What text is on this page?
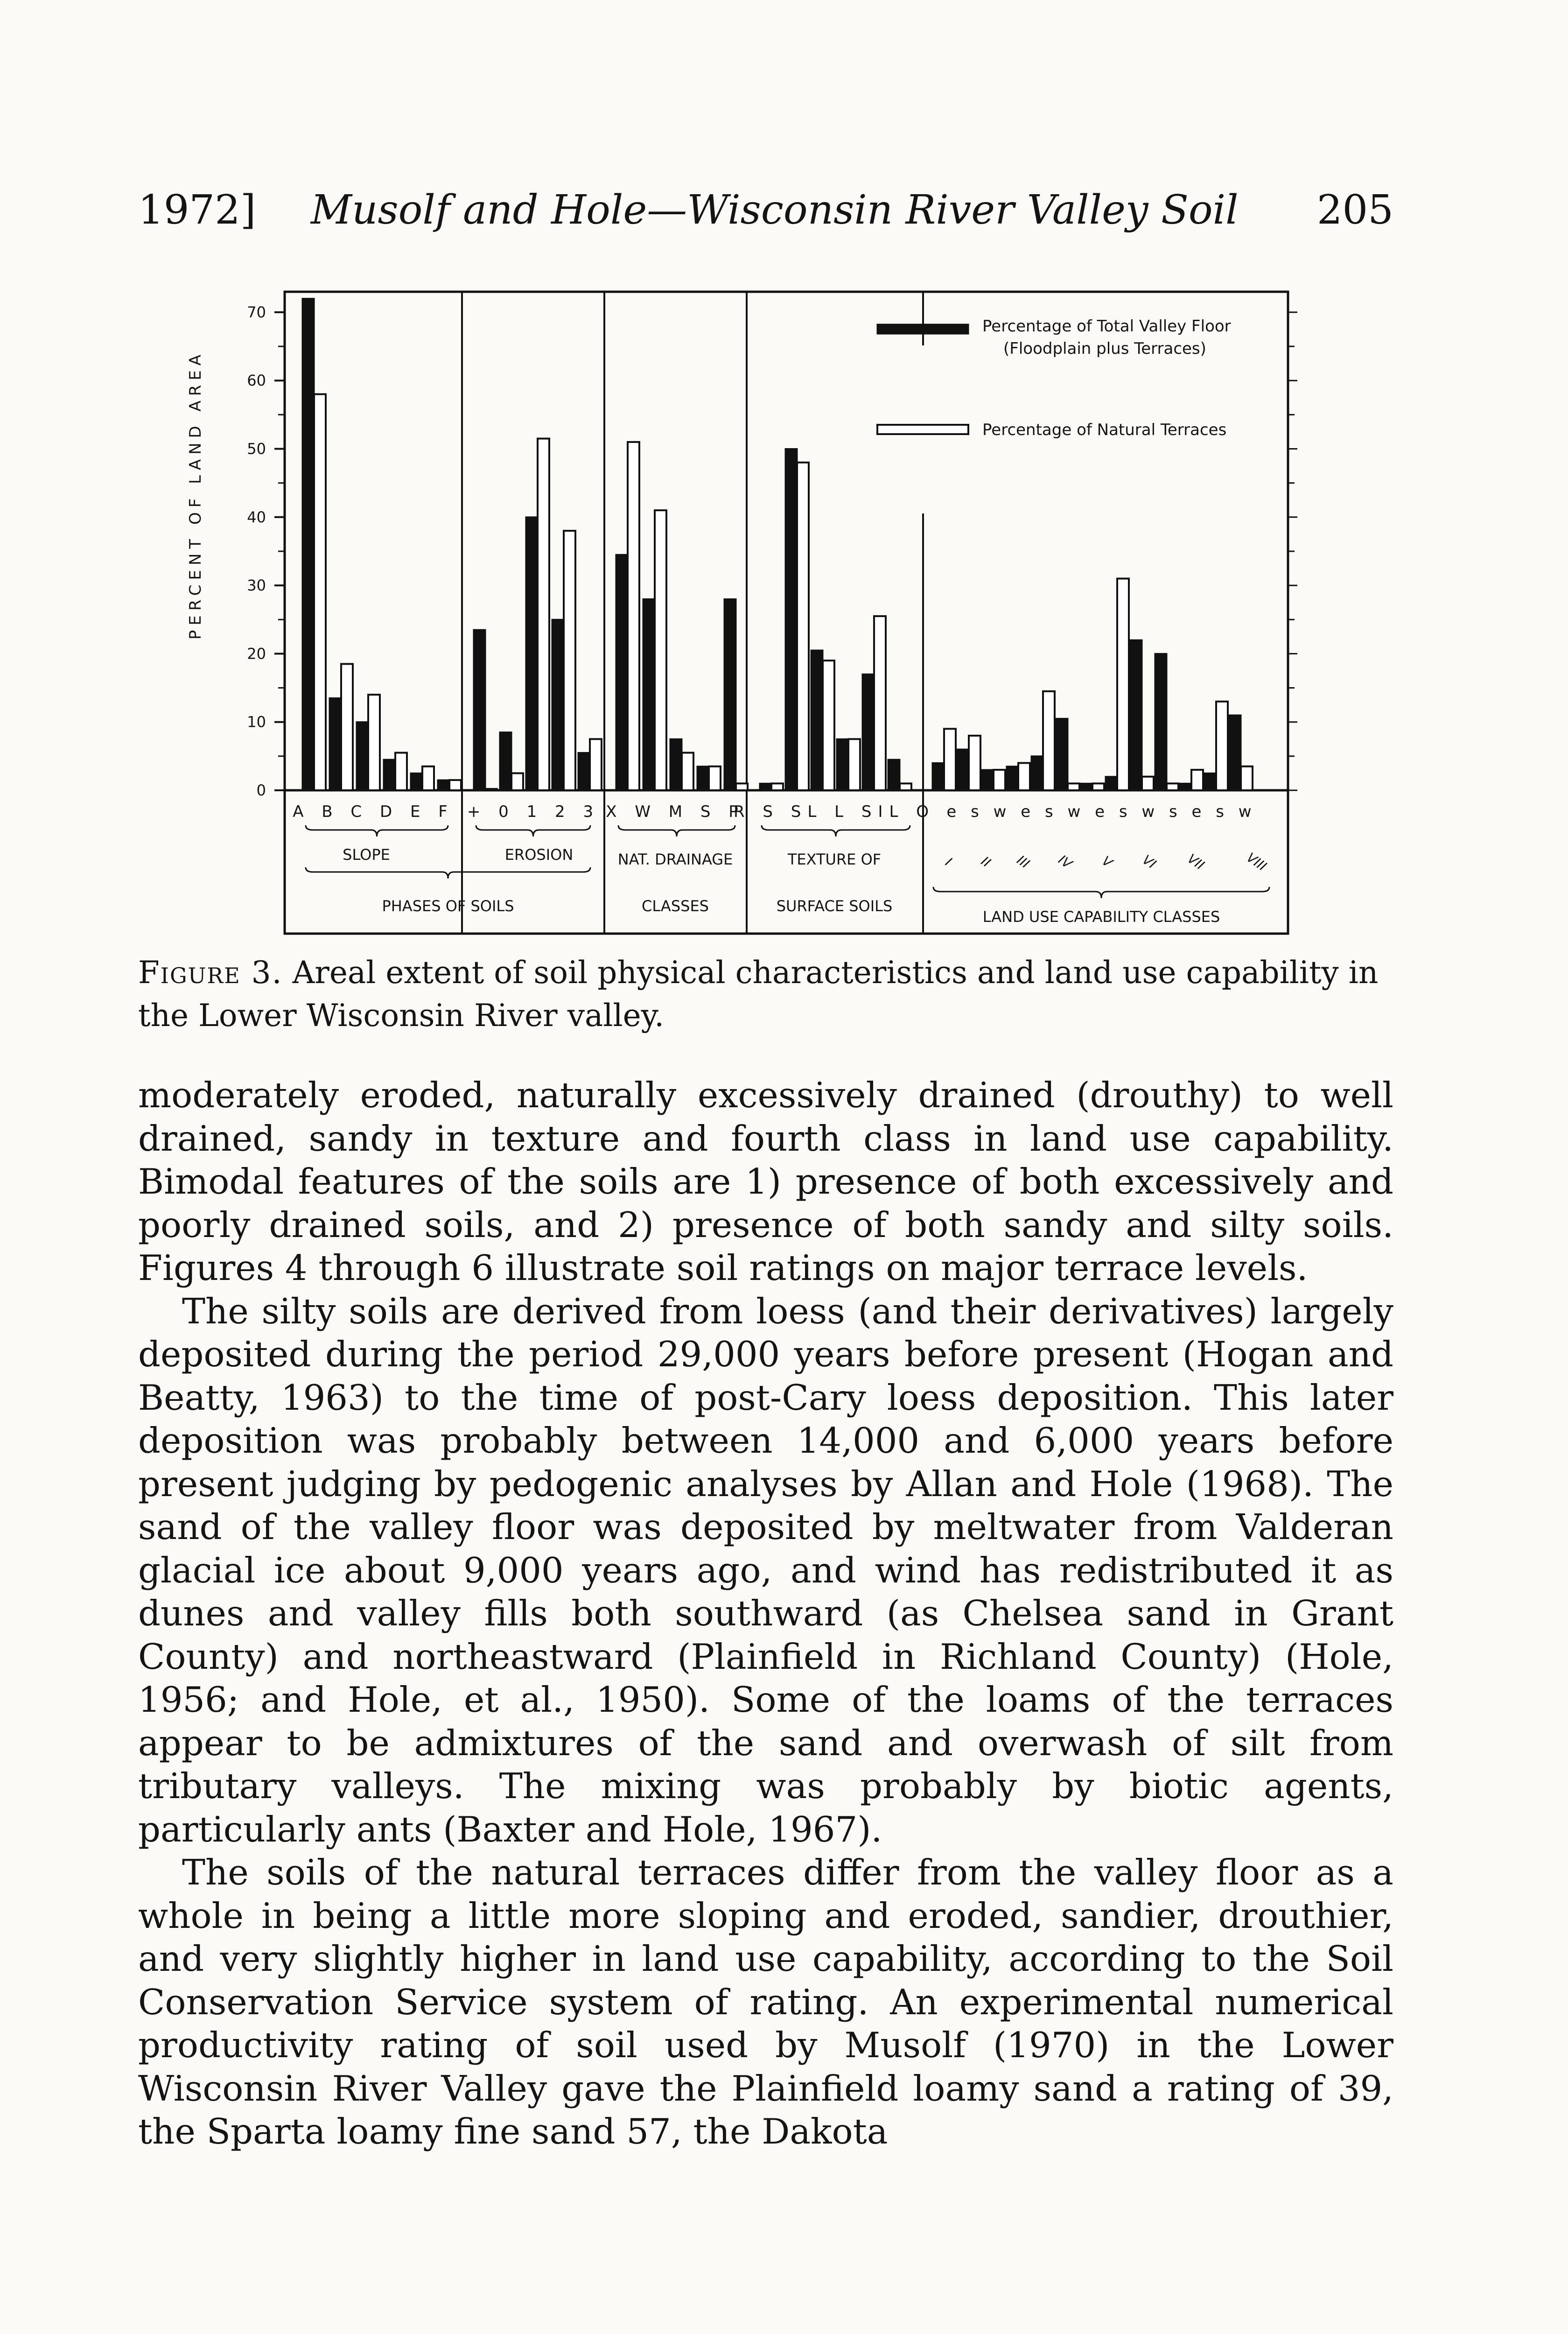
1972] Musolf and Hole—Wisconsin River Valley Soil 205
PERCENT OF LAND AREA
0
10
20
30
40
50
60
70
A B C D E F + 0 1 2 3 X W M S P
R S SL L SIL O e s w e s w e s w s e s w
SLOPE	EROSION	NAT. DRAINAGE	TEXTURE OF
LAND USE CAPABILITY CLASSES
PHASES OF SOILS	CLASSES	SURFACE SOILS
I II III IV V VI VII	VIII
Percentage of Total Valley Floor
(Floodplain plus Terraces)
Percentage of Natural Terraces
Figure 3. Areal extent of soil physical characteristics and land use capability in the Lower Wisconsin River valley.

moderately eroded, naturally excessively drained (drouthy) to well drained, sandy in texture and fourth class in land use capability. Bimodal features of the soils are 1) presence of both excessively and poorly drained soils, and 2) presence of both sandy and silty soils. Figures 4 through 6 illustrate soil ratings on major terrace levels.

The silty soils are derived from loess (and their derivatives) largely deposited during the period 29,000 years before present (Hogan and Beatty, 1963) to the time of post-Cary loess deposition. This later deposition was probably between 14,000 and 6,000 years before present judging by pedogenic analyses by Allan and Hole (1968). The sand of the valley floor was deposited by meltwater from Valderan glacial ice about 9,000 years ago, and wind has redistributed it as dunes and valley fills both southward (as Chelsea sand in Grant County) and northeastward (Plainfield in Richland County) (Hole, 1956; and Hole, et al., 1950). Some of the loams of the terraces appear to be admixtures of the sand and overwash of silt from tributary valleys. The mixing was probably by biotic agents, particularly ants (Baxter and Hole, 1967).

The soils of the natural terraces differ from the valley floor as a whole in being a little more sloping and eroded, sandier, drouthier, and very slightly higher in land use capability, according to the Soil Conservation Service system of rating. An experimental numerical productivity rating of soil used by Musolf (1970) in the Lower Wisconsin River Valley gave the Plainfield loamy sand a rating of 39, the Sparta loamy fine sand 57, the Dakota
